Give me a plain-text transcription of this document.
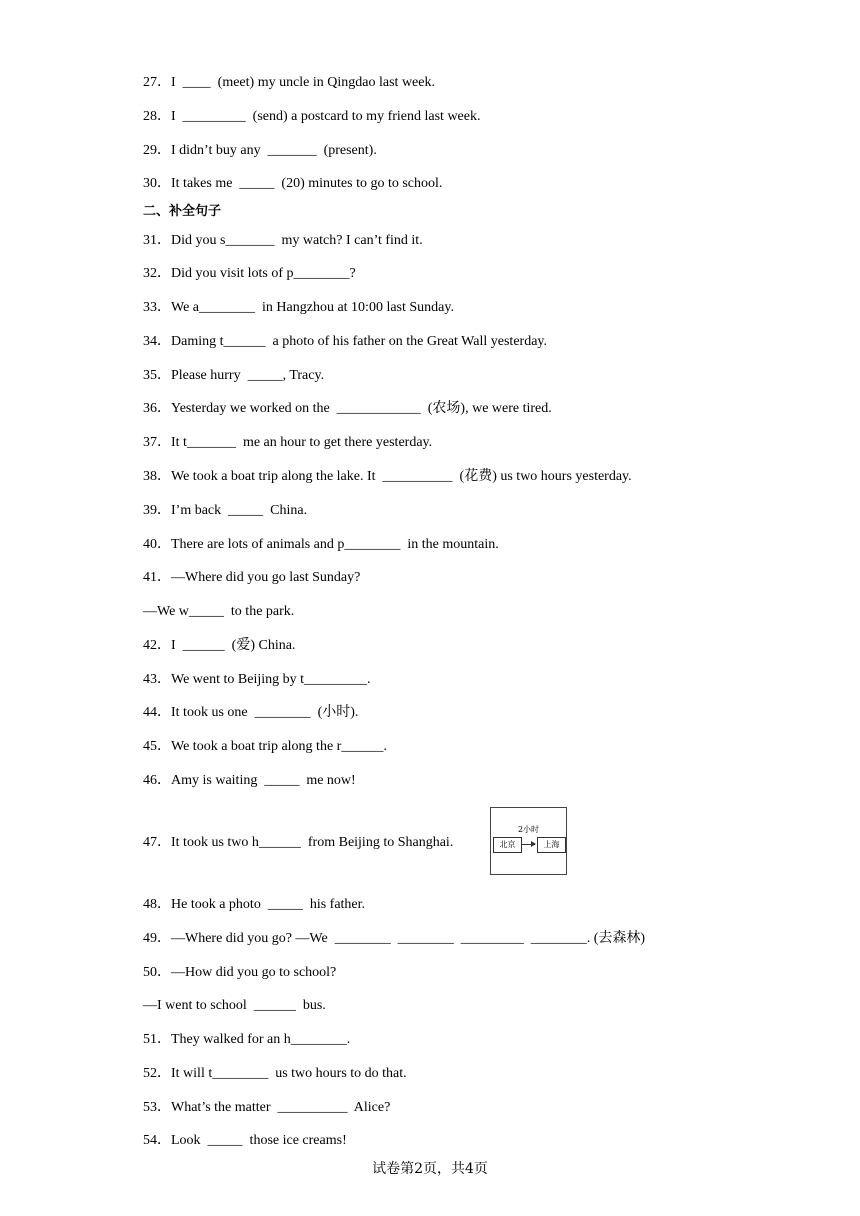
27．I  ____  (meet) my uncle in Qingdao last week.
28．I  _________  (send) a postcard to my friend last week.
29．I didn’t buy any  _______  (present).
30．It takes me  _____  (20) minutes to go to school.
二、补全句子
31．Did you s_______  my watch? I can’t find it.
32．Did you visit lots of p________?
33．We a________  in Hangzhou at 10:00 last Sunday.
34．Daming t______  a photo of his father on the Great Wall yesterday.
35．Please hurry  _____, Tracy.
36．Yesterday we worked on the  ____________  (农场), we were tired.
37．It t_______  me an hour to get there yesterday.
38．We took a boat trip along the lake. It  __________  (花费) us two hours yesterday.
39．I’m back  _____  China.
40．There are lots of animals and p________  in the mountain.
41．—Where did you go last Sunday?
—We w_____  to the park.
42．I  ______  (爱) China.
43．We went to Beijing by t_________.
44．It took us one  ________  (小时).
45．We took a boat trip along the r______.
46．Amy is waiting  _____  me now!
47．It took us two h______  from Beijing to Shanghai.
2小时
北京	上海
48．He took a photo  _____  his father.
49．—Where did you go? —We  ________  ________  _________  ________. (去森林)
50．—How did you go to school?
—I went to school  ______  bus.
51．They walked for an h________.
52．It will t________  us two hours to do that.
53．What’s the matter  __________  Alice?
54．Look  _____  those ice creams!
试卷第2页，共4页
